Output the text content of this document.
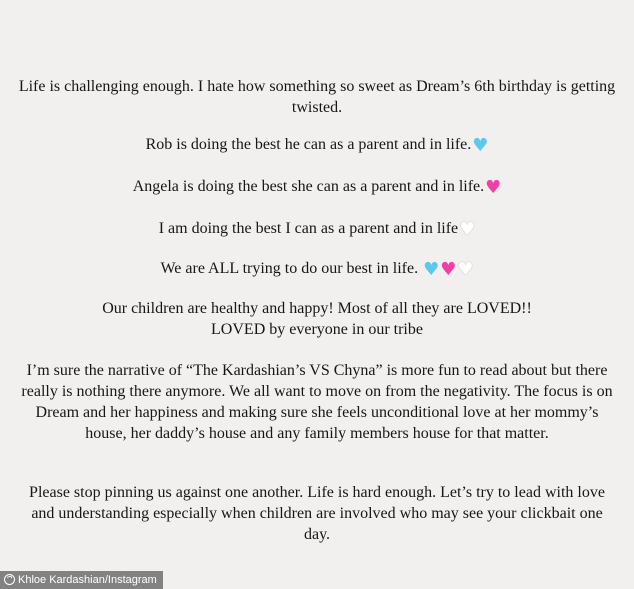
Life is challenging enough. I hate how something so sweet as Dream’s 6th birthday is getting twisted.

Rob is doing the best he can as a parent and in life.♥

Angela is doing the best she can as a parent and in life.♥

I am doing the best I can as a parent and in life♥

We are ALL trying to do our best in life. ♥♥♥

Our children are healthy and happy! Most of all they are LOVED!!
LOVED by everyone in our tribe

I’m sure the narrative of “The Kardashian’s VS Chyna” is more fun to read about but there really is nothing there anymore. We all want to move on from the negativity. The focus is on Dream and her happiness and making sure she feels unconditional love at her mommy’s house, her daddy’s house and any family members house for that matter.

Please stop pinning us against one another. Life is hard enough. Let’s try to lead with love and understanding especially when children are involved who may see your clickbait one day.

Khloe Kardashian/Instagram
